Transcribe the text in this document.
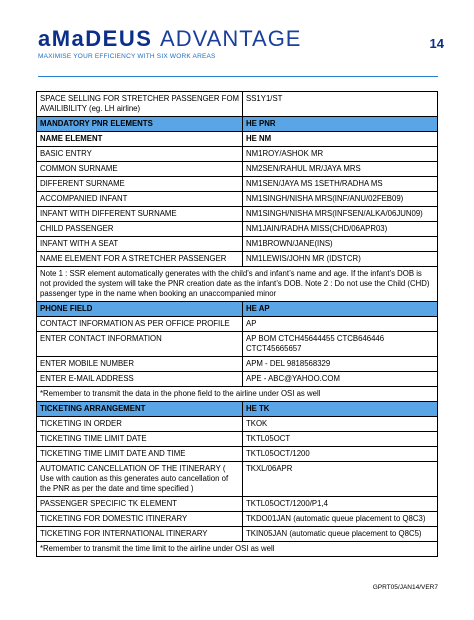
aMaDEUS ADVANTAGE
MAXIMISE YOUR EFFICIENCY WITH SIX WORK AREAS
14
SPACE SELLING FOR STRETCHER PASSENGER FOM AVAILIBILITY (eg. LH airline)	SS1Y1/ST
MANDATORY PNR ELEMENTS	HE PNR
NAME ELEMENT	HE NM
BASIC ENTRY	NM1ROY/ASHOK MR
COMMON SURNAME	NM2SEN/RAHUL MR/JAYA MRS
DIFFERENT SURNAME	NM1SEN/JAYA MS 1SETH/RADHA MS
ACCOMPANIED INFANT	NM1SINGH/NISHA MRS(INF/ANU/02FEB09)
INFANT WITH DIFFERENT SURNAME	NM1SINGH/NISHA MRS(INFSEN/ALKA/06JUN09)
CHILD PASSENGER	NM1JAIN/RADHA MISS(CHD/06APR03)
INFANT WITH A SEAT	NM1BROWN/JANE(INS)
NAME ELEMENT FOR A STRETCHER PASSENGER	NM1LEWIS/JOHN MR (IDSTCR)
Note 1 : SSR element automatically generates with the child’s and infant’s name and age. If the infant’s DOB is not provided the system will take the PNR creation date as the infant’s DOB. Note 2 : Do not use the Child (CHD) passenger type in the name when booking an unaccompanied minor	
PHONE FIELD	HE AP
CONTACT INFORMATION AS PER OFFICE PROFILE	AP
ENTER CONTACT INFORMATION	AP BOM CTCH45644455 CTCB646446 CTCT45665657
ENTER MOBILE NUMBER	APM - DEL 9818568329
ENTER E-MAIL ADDRESS	APE - ABC@YAHOO.COM
*Remember to transmit the data in the phone field to the airline under OSI as well	
TICKETING ARRANGEMENT	HE TK
TICKETING IN ORDER	TKOK
TICKETING TIME LIMIT DATE	TKTL05OCT
TICKETING TIME LIMIT DATE AND TIME	TKTL05OCT/1200
AUTOMATIC CANCELLATION OF THE ITINERARY ( Use with caution as this generates auto cancellation of the PNR as per the date and time specified )	TKXL/06APR
PASSENGER SPECIFIC TK ELEMENT	TKTL05OCT/1200/P1,4
TICKETING FOR DOMESTIC ITINERARY	TKDO01JAN (automatic queue placement to Q8C3)
TICKETING FOR INTERNATIONAL ITINERARY	TKIN05JAN (automatic queue placement to Q8C5)
*Remember to transmit the time limit to the airline under OSI as well	
GPRT05/JAN14/VER7
